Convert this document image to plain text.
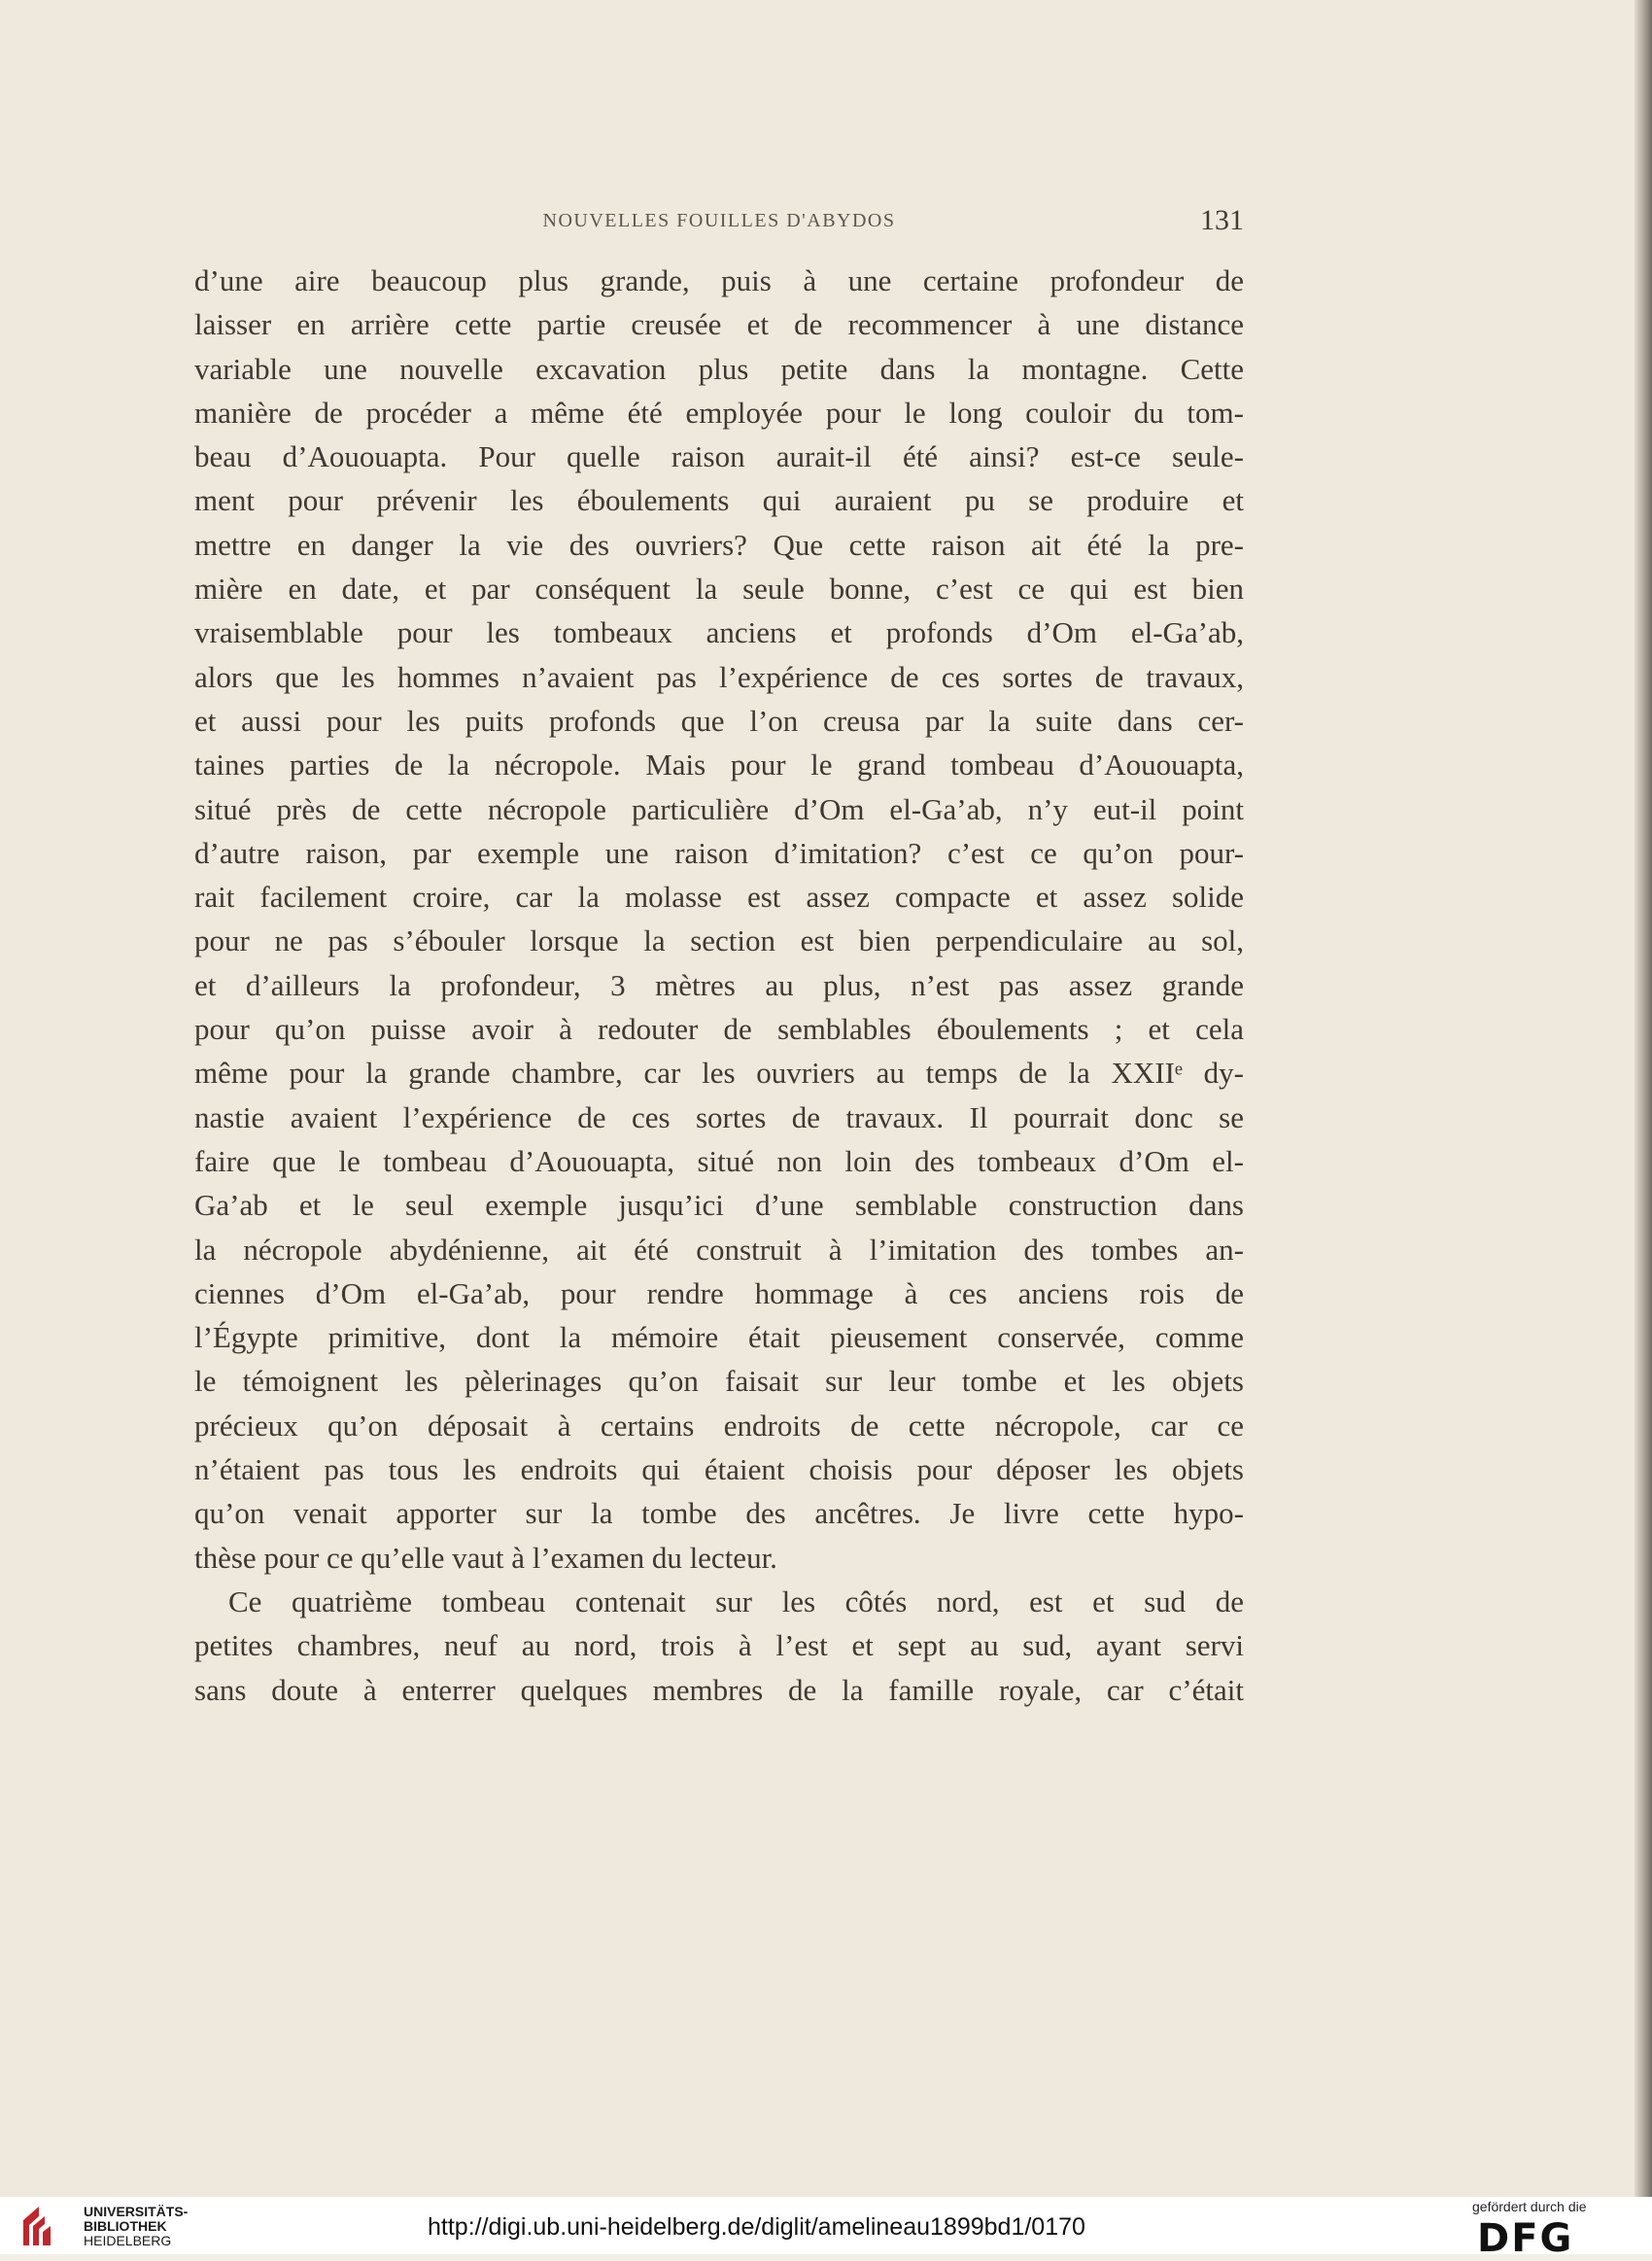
NOUVELLES FOUILLES D'ABYDOS	131
d’une aire beaucoup plus grande, puis à une certaine profondeur de
laisser en arrière cette partie creusée et de recommencer à une distance
variable une nouvelle excavation plus petite dans la montagne. Cette
manière de procéder a même été employée pour le long couloir du tom-
beau d’Aououapta. Pour quelle raison aurait-il été ainsi? est-ce seule-
ment pour prévenir les éboulements qui auraient pu se produire et
mettre en danger la vie des ouvriers? Que cette raison ait été la pre-
mière en date, et par conséquent la seule bonne, c’est ce qui est bien
vraisemblable pour les tombeaux anciens et profonds d’Om el-Ga’ab,
alors que les hommes n’avaient pas l’expérience de ces sortes de travaux,
et aussi pour les puits profonds que l’on creusa par la suite dans cer-
taines parties de la nécropole. Mais pour le grand tombeau d’Aououapta,
situé près de cette nécropole particulière d’Om el-Ga’ab, n’y eut-il point
d’autre raison, par exemple une raison d’imitation? c’est ce qu’on pour-
rait facilement croire, car la molasse est assez compacte et assez solide
pour ne pas s’ébouler lorsque la section est bien perpendiculaire au sol,
et d’ailleurs la profondeur, 3 mètres au plus, n’est pas assez grande
pour qu’on puisse avoir à redouter de semblables éboulements ; et cela
même pour la grande chambre, car les ouvriers au temps de la XXIIᵉ dy-
nastie avaient l’expérience de ces sortes de travaux. Il pourrait donc se
faire que le tombeau d’Aououapta, situé non loin des tombeaux d’Om el-
Ga’ab et le seul exemple jusqu’ici d’une semblable construction dans
la nécropole abydénienne, ait été construit à l’imitation des tombes an-
ciennes d’Om el-Ga’ab, pour rendre hommage à ces anciens rois de
l’Égypte primitive, dont la mémoire était pieusement conservée, comme
le témoignent les pèlerinages qu’on faisait sur leur tombe et les objets
précieux qu’on déposait à certains endroits de cette nécropole, car ce
n’étaient pas tous les endroits qui étaient choisis pour déposer les objets
qu’on venait apporter sur la tombe des ancêtres. Je livre cette hypo-
thèse pour ce qu’elle vaut à l’examen du lecteur.
Ce quatrième tombeau contenait sur les côtés nord, est et sud de
petites chambres, neuf au nord, trois à l’est et sept au sud, ayant servi
sans doute à enterrer quelques membres de la famille royale, car c’était
UNIVERSITÄTS-
BIBLIOTHEK
HEIDELBERG	http://digi.ub.uni-heidelberg.de/diglit/amelineau1899bd1/0170
gefördert durch die
DFG
